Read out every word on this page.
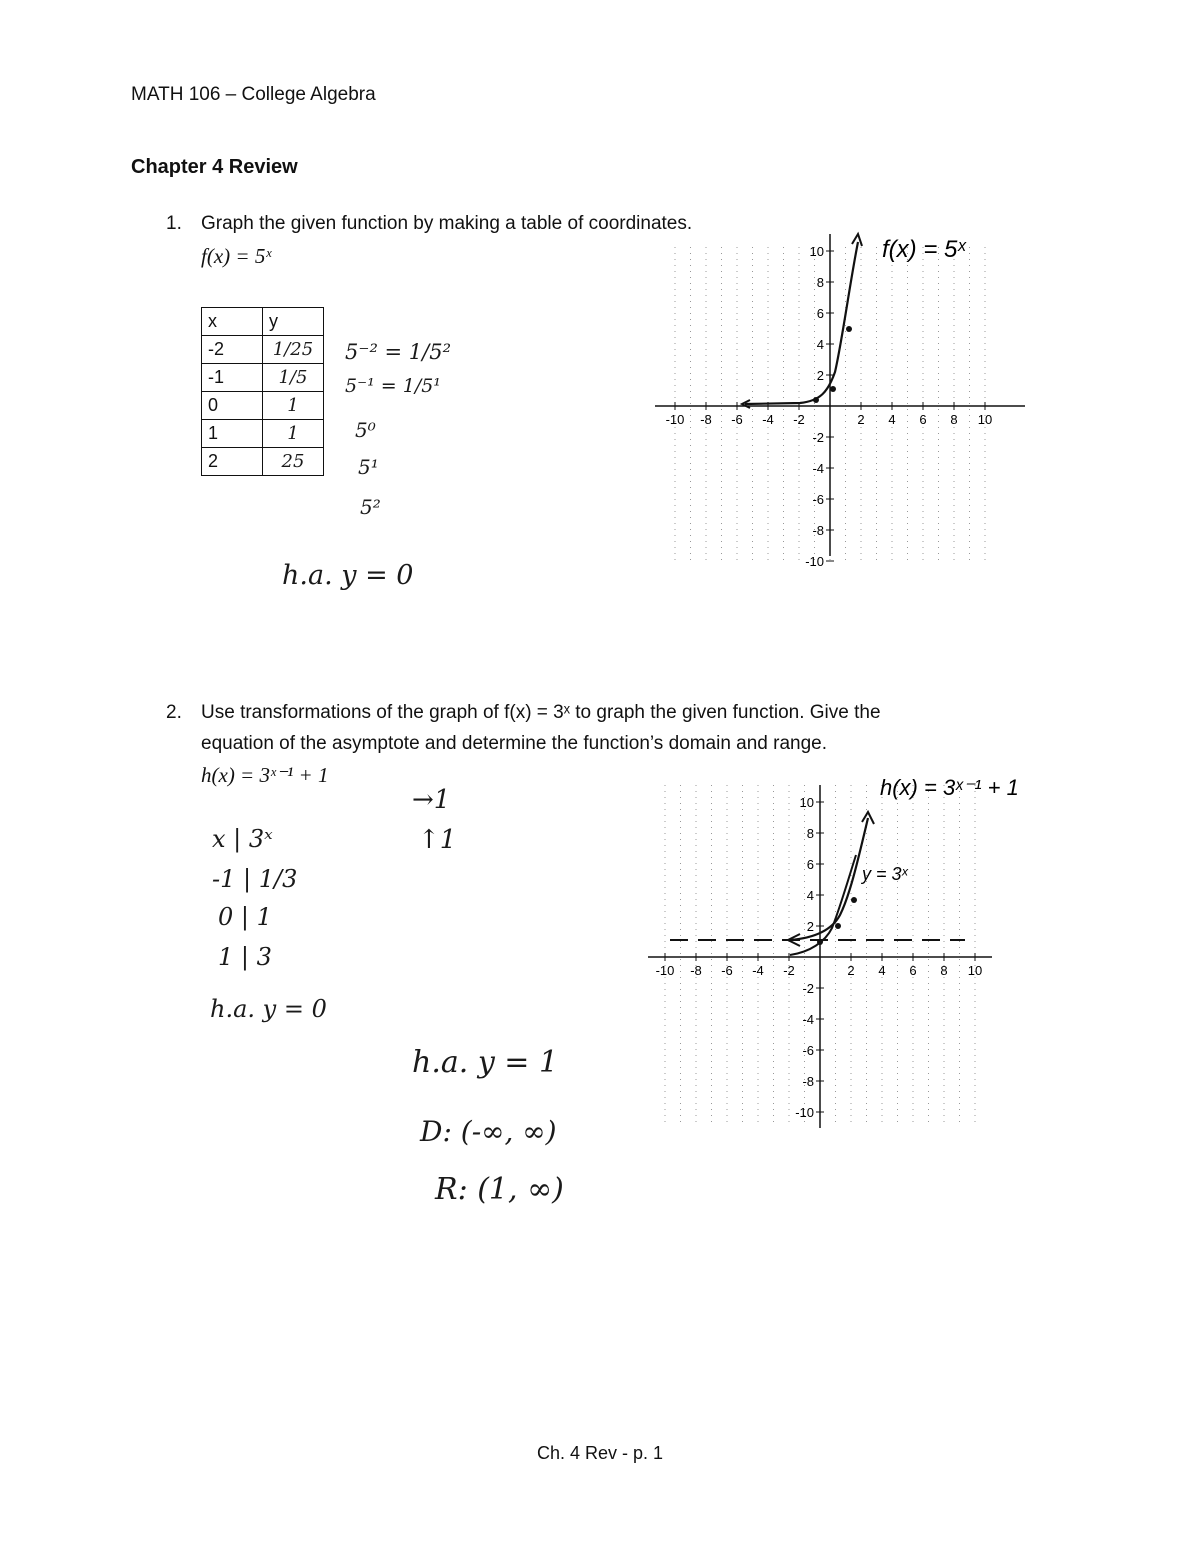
MATH 106 – College Algebra
Chapter 4 Review
1. Graph the given function by making a table of coordinates.
f(x) = 5ˣ
x	y
-2	1/25
-1	1/5
0	1
1	1
2	25
5⁻² = 1/5²
5⁻¹ = 1/5¹
5⁰
5¹
5²
h.a. y = 0
-10 -8 -6 -4 -2	2 4 6 8 10
10
8
6
4
2
-2
-4
-6
-8
-10
f(x) = 5ˣ
2. Use transformations of the graph of f(x) = 3ˣ to graph the given function. Give the
equation of the asymptote and determine the function’s domain and range.
h(x) = 3ˣ⁻¹ + 1
x | 3ˣ
-1 | 1/3
0 | 1
1 | 3
h.a. y = 0
→1
↑1
h.a. y = 1
D: (-∞, ∞)
R: (1, ∞)
-10 -8 -6 -4 -2	2 4 6 8 10
10
8
6
4
2
-2
-4
-6
-8
-10
h(x) = 3ˣ⁻¹ + 1
y = 3ˣ
Ch. 4 Rev - p. 1
